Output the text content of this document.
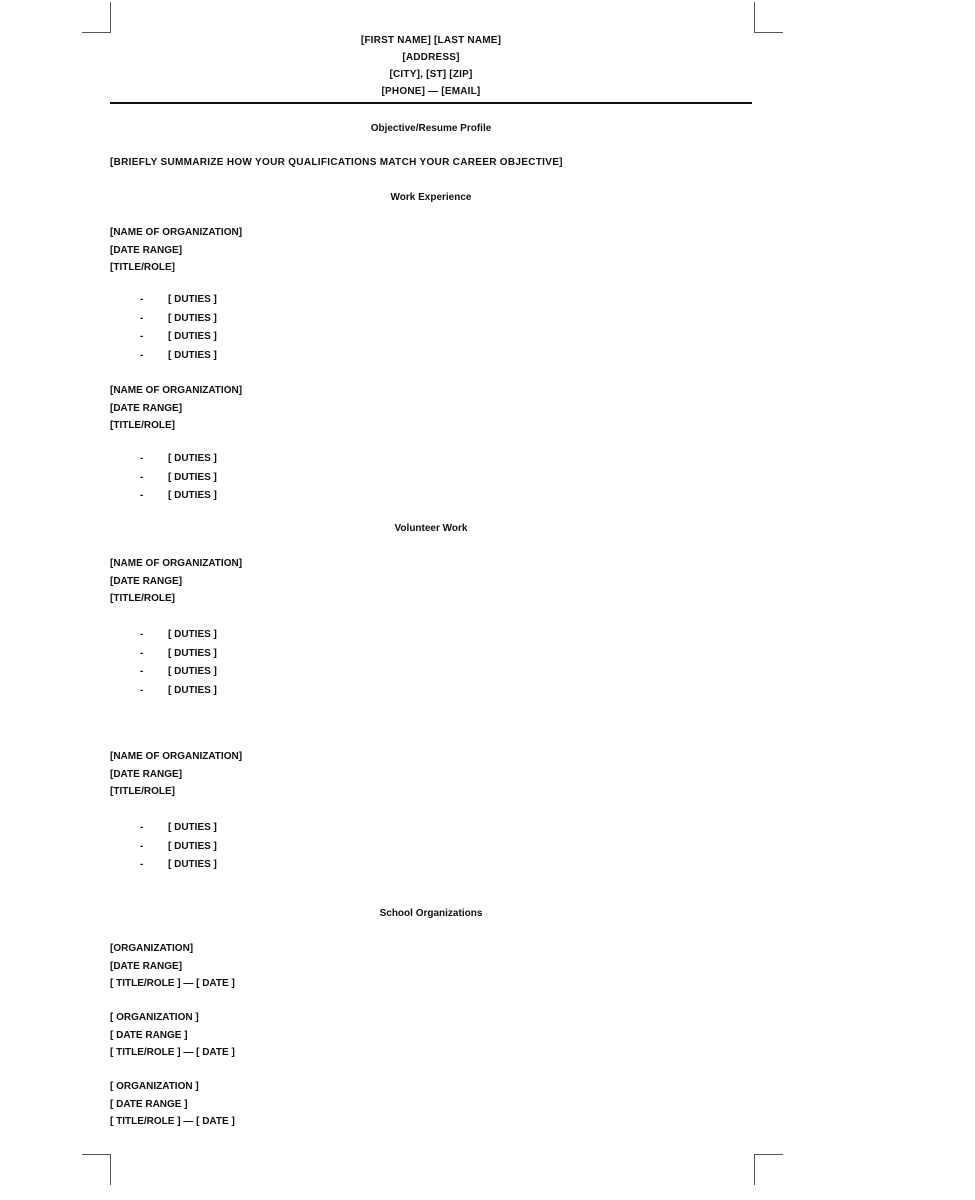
[FIRST NAME] [LAST NAME]
[ADDRESS]
[CITY], [ST] [ZIP]
[PHONE] — [EMAIL]
Objective/Resume Profile
[BRIEFLY SUMMARIZE HOW YOUR QUALIFICATIONS MATCH YOUR CAREER OBJECTIVE]
Work Experience
[NAME OF ORGANIZATION]
[DATE RANGE]
[TITLE/ROLE]
- [ DUTIES ]
- [ DUTIES ]
- [ DUTIES ]
- [ DUTIES ]
[NAME OF ORGANIZATION]
[DATE RANGE]
[TITLE/ROLE]
- [ DUTIES ]
- [ DUTIES ]
- [ DUTIES ]
Volunteer Work
[NAME OF ORGANIZATION]
[DATE RANGE]
[TITLE/ROLE]
- [ DUTIES ]
- [ DUTIES ]
- [ DUTIES ]
- [ DUTIES ]
[NAME OF ORGANIZATION]
[DATE RANGE]
[TITLE/ROLE]
- [ DUTIES ]
- [ DUTIES ]
- [ DUTIES ]
School Organizations
[ORGANIZATION]
[DATE RANGE]
[ TITLE/ROLE ] — [ DATE ]
[ ORGANIZATION ]
[ DATE RANGE ]
[ TITLE/ROLE ] — [ DATE ]
[ ORGANIZATION ]
[ DATE RANGE ]
[ TITLE/ROLE ] — [ DATE ]
